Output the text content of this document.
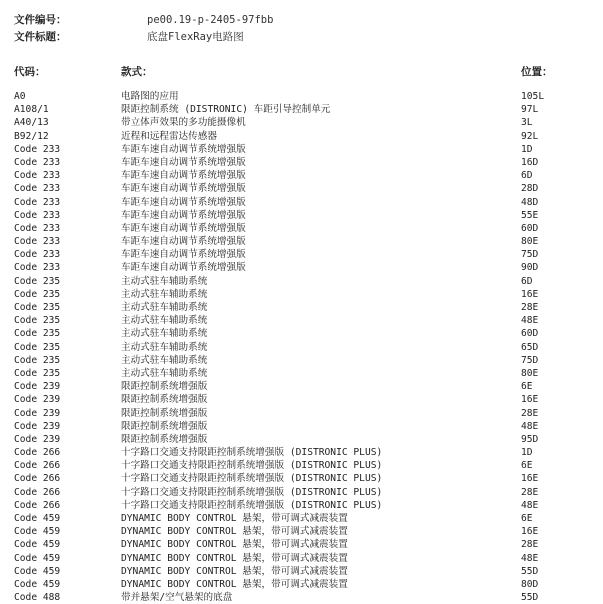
文件编号：	pe00.19-p-2405-97fbb
文件标题：	底盘FlexRay电路图
代码：	款式：	位置：
A0	电路图的应用	105L
A108/1	限距控制系统 (DISTRONIC) 车距引导控制单元	97L
A40/13	带立体声效果的多功能摄像机	3L
B92/12	近程和远程雷达传感器	92L
Code 233	车距车速自动调节系统增强版	1D
Code 233	车距车速自动调节系统增强版	16D
Code 233	车距车速自动调节系统增强版	6D
Code 233	车距车速自动调节系统增强版	28D
Code 233	车距车速自动调节系统增强版	48D
Code 233	车距车速自动调节系统增强版	55E
Code 233	车距车速自动调节系统增强版	60D
Code 233	车距车速自动调节系统增强版	80E
Code 233	车距车速自动调节系统增强版	75D
Code 233	车距车速自动调节系统增强版	90D
Code 235	主动式驻车辅助系统	6D
Code 235	主动式驻车辅助系统	16E
Code 235	主动式驻车辅助系统	28E
Code 235	主动式驻车辅助系统	48E
Code 235	主动式驻车辅助系统	60D
Code 235	主动式驻车辅助系统	65D
Code 235	主动式驻车辅助系统	75D
Code 235	主动式驻车辅助系统	80E
Code 239	限距控制系统增强版	6E
Code 239	限距控制系统增强版	16E
Code 239	限距控制系统增强版	28E
Code 239	限距控制系统增强版	48E
Code 239	限距控制系统增强版	95D
Code 266	十字路口交通支持限距控制系统增强版 (DISTRONIC PLUS)	1D
Code 266	十字路口交通支持限距控制系统增强版 (DISTRONIC PLUS)	6E
Code 266	十字路口交通支持限距控制系统增强版 (DISTRONIC PLUS)	16E
Code 266	十字路口交通支持限距控制系统增强版 (DISTRONIC PLUS)	28E
Code 266	十字路口交通支持限距控制系统增强版 (DISTRONIC PLUS)	48E
Code 459	DYNAMIC BODY CONTROL 悬架，带可调式减震装置	6E
Code 459	DYNAMIC BODY CONTROL 悬架，带可调式减震装置	16E
Code 459	DYNAMIC BODY CONTROL 悬架，带可调式减震装置	28E
Code 459	DYNAMIC BODY CONTROL 悬架，带可调式减震装置	48E
Code 459	DYNAMIC BODY CONTROL 悬架，带可调式减震装置	55D
Code 459	DYNAMIC BODY CONTROL 悬架，带可调式减震装置	80D
Code 488	带并悬架/空气悬架的底盘	55D
